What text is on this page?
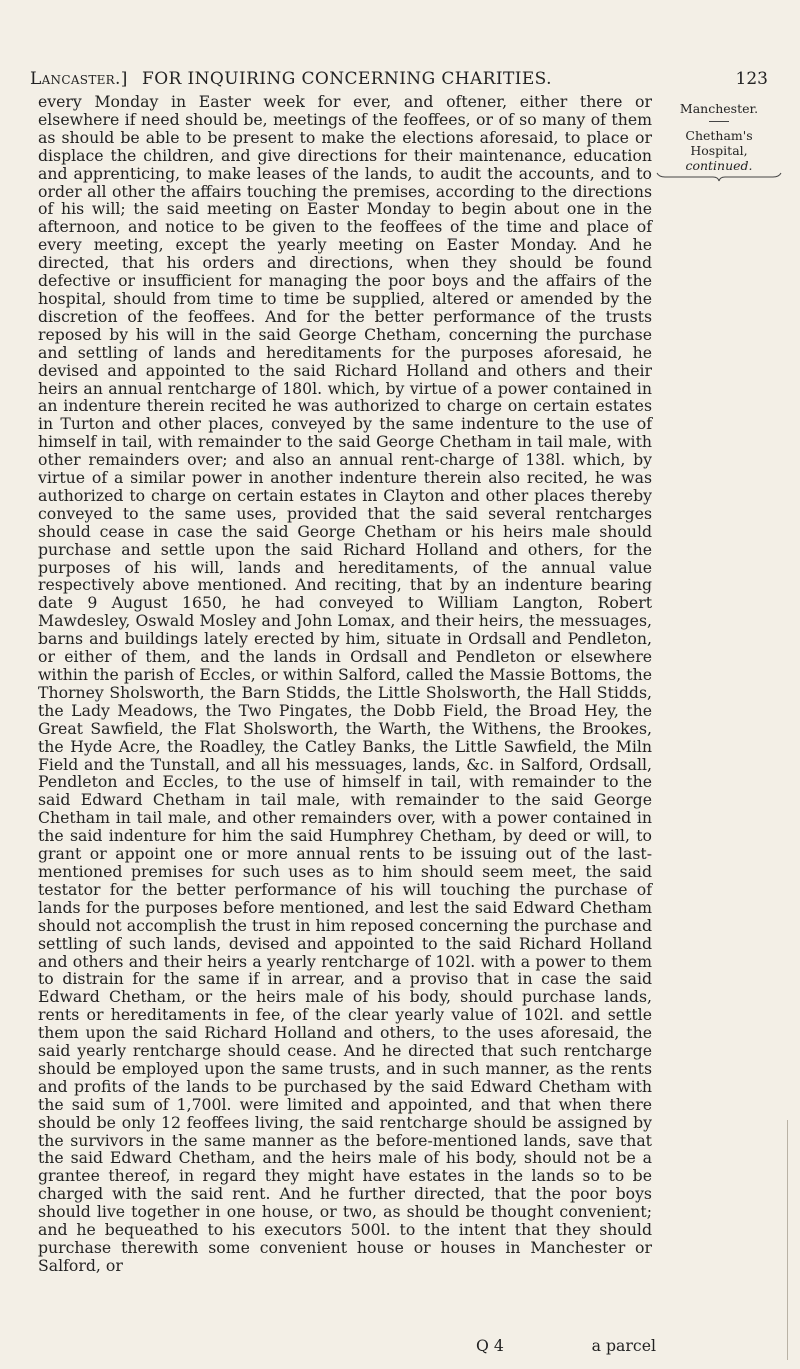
Lancaster.] FOR INQUIRING CONCERNING CHARITIES.	123

every Monday in Easter week for ever, and oftener, either there or elsewhere if need should be, meetings of the feoffees, or of so many of them as should be able to be present to make the elections aforesaid, to place or displace the children, and give directions for their maintenance, education and apprenticing, to make leases of the lands, to audit the accounts, and to order all other the affairs touching the premises, according to the directions of his will; the said meeting on Easter Monday to begin about one in the afternoon, and notice to be given to the feoffees of the time and place of every meeting, except the yearly meeting on Easter Monday. And he directed, that his orders and directions, when they should be found defective or insufficient for managing the poor boys and the affairs of the hospital, should from time to time be supplied, altered or amended by the discretion of the feoffees. And for the better performance of the trusts reposed by his will in the said George Chetham, concerning the purchase and settling of lands and hereditaments for the purposes aforesaid, he devised and appointed to the said Richard Holland and others and their heirs an annual rentcharge of 180l. which, by virtue of a power contained in an indenture therein recited he was authorized to charge on certain estates in Turton and other places, conveyed by the same indenture to the use of himself in tail, with remainder to the said George Chetham in tail male, with other remainders over; and also an annual rent-charge of 138l. which, by virtue of a similar power in another indenture therein also recited, he was authorized to charge on certain estates in Clayton and other places thereby conveyed to the same uses, provided that the said several rentcharges should cease in case the said George Chetham or his heirs male should purchase and settle upon the said Richard Holland and others, for the purposes of his will, lands and hereditaments, of the annual value respectively above mentioned. And reciting, that by an indenture bearing date 9 August 1650, he had conveyed to William Langton, Robert Mawdesley, Oswald Mosley and John Lomax, and their heirs, the messuages, barns and buildings lately erected by him, situate in Ordsall and Pendleton, or either of them, and the lands in Ordsall and Pendleton or elsewhere within the parish of Eccles, or within Salford, called the Massie Bottoms, the Thorney Sholsworth, the Barn Stidds, the Little Sholsworth, the Hall Stidds, the Lady Meadows, the Two Pingates, the Dobb Field, the Broad Hey, the Great Sawfield, the Flat Sholsworth, the Warth, the Withens, the Brookes, the Hyde Acre, the Roadley, the Catley Banks, the Little Sawfield, the Miln Field and the Tunstall, and all his messuages, lands, &c. in Salford, Ordsall, Pendleton and Eccles, to the use of himself in tail, with remainder to the said Edward Chetham in tail male, with remainder to the said George Chetham in tail male, and other remainders over, with a power contained in the said indenture for him the said Humphrey Chetham, by deed or will, to grant or appoint one or more annual rents to be issuing out of the last-mentioned premises for such uses as to him should seem meet, the said testator for the better performance of his will touching the purchase of lands for the purposes before mentioned, and lest the said Edward Chetham should not accomplish the trust in him reposed concerning the purchase and settling of such lands, devised and appointed to the said Richard Holland and others and their heirs a yearly rentcharge of 102l. with a power to them to distrain for the same if in arrear, and a proviso that in case the said Edward Chetham, or the heirs male of his body, should purchase lands, rents or hereditaments in fee, of the clear yearly value of 102l. and settle them upon the said Richard Holland and others, to the uses aforesaid, the said yearly rentcharge should cease. And he directed that such rentcharge should be employed upon the same trusts, and in such manner, as the rents and profits of the lands to be purchased by the said Edward Chetham with the said sum of 1,700l. were limited and appointed, and that when there should be only 12 feoffees living, the said rentcharge should be assigned by the survivors in the same manner as the before-mentioned lands, save that the said Edward Chetham, and the heirs male of his body, should not be a grantee thereof, in regard they might have estates in the lands so to be charged with the said rent. And he further directed, that the poor boys should live together in one house, or two, as should be thought convenient; and he bequeathed to his executors 500l. to the intent that they should purchase therewith some convenient house or houses in Manchester or Salford, or

Manchester.
Chetham's Hospital,
continued.
Q 4	a parcel
